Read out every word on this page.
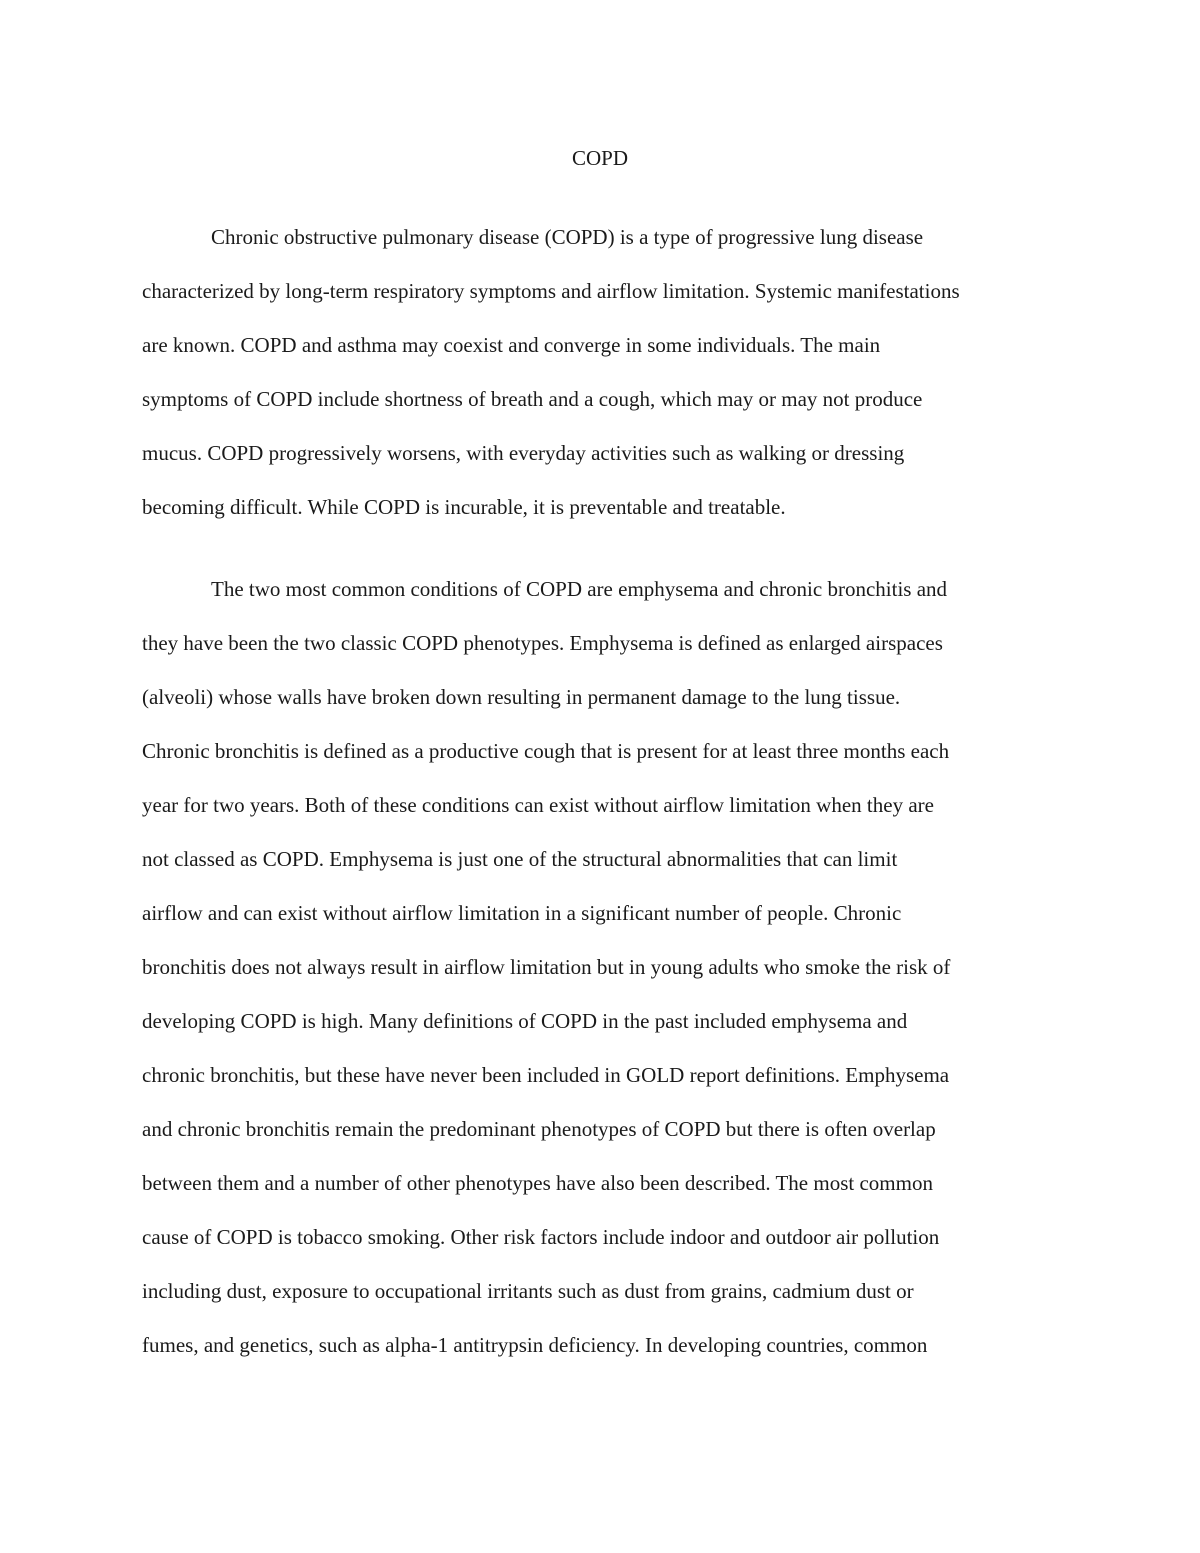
COPD

Chronic obstructive pulmonary disease (COPD) is a type of progressive lung disease
characterized by long-term respiratory symptoms and airflow limitation. Systemic manifestations
are known. COPD and asthma may coexist and converge in some individuals. The main
symptoms of COPD include shortness of breath and a cough, which may or may not produce
mucus. COPD progressively worsens, with everyday activities such as walking or dressing
becoming difficult. While COPD is incurable, it is preventable and treatable.

The two most common conditions of COPD are emphysema and chronic bronchitis and
they have been the two classic COPD phenotypes. Emphysema is defined as enlarged airspaces
(alveoli) whose walls have broken down resulting in permanent damage to the lung tissue.
Chronic bronchitis is defined as a productive cough that is present for at least three months each
year for two years. Both of these conditions can exist without airflow limitation when they are
not classed as COPD. Emphysema is just one of the structural abnormalities that can limit
airflow and can exist without airflow limitation in a significant number of people. Chronic
bronchitis does not always result in airflow limitation but in young adults who smoke the risk of
developing COPD is high. Many definitions of COPD in the past included emphysema and
chronic bronchitis, but these have never been included in GOLD report definitions. Emphysema
and chronic bronchitis remain the predominant phenotypes of COPD but there is often overlap
between them and a number of other phenotypes have also been described. The most common
cause of COPD is tobacco smoking. Other risk factors include indoor and outdoor air pollution
including dust, exposure to occupational irritants such as dust from grains, cadmium dust or
fumes, and genetics, such as alpha-1 antitrypsin deficiency. In developing countries, common
